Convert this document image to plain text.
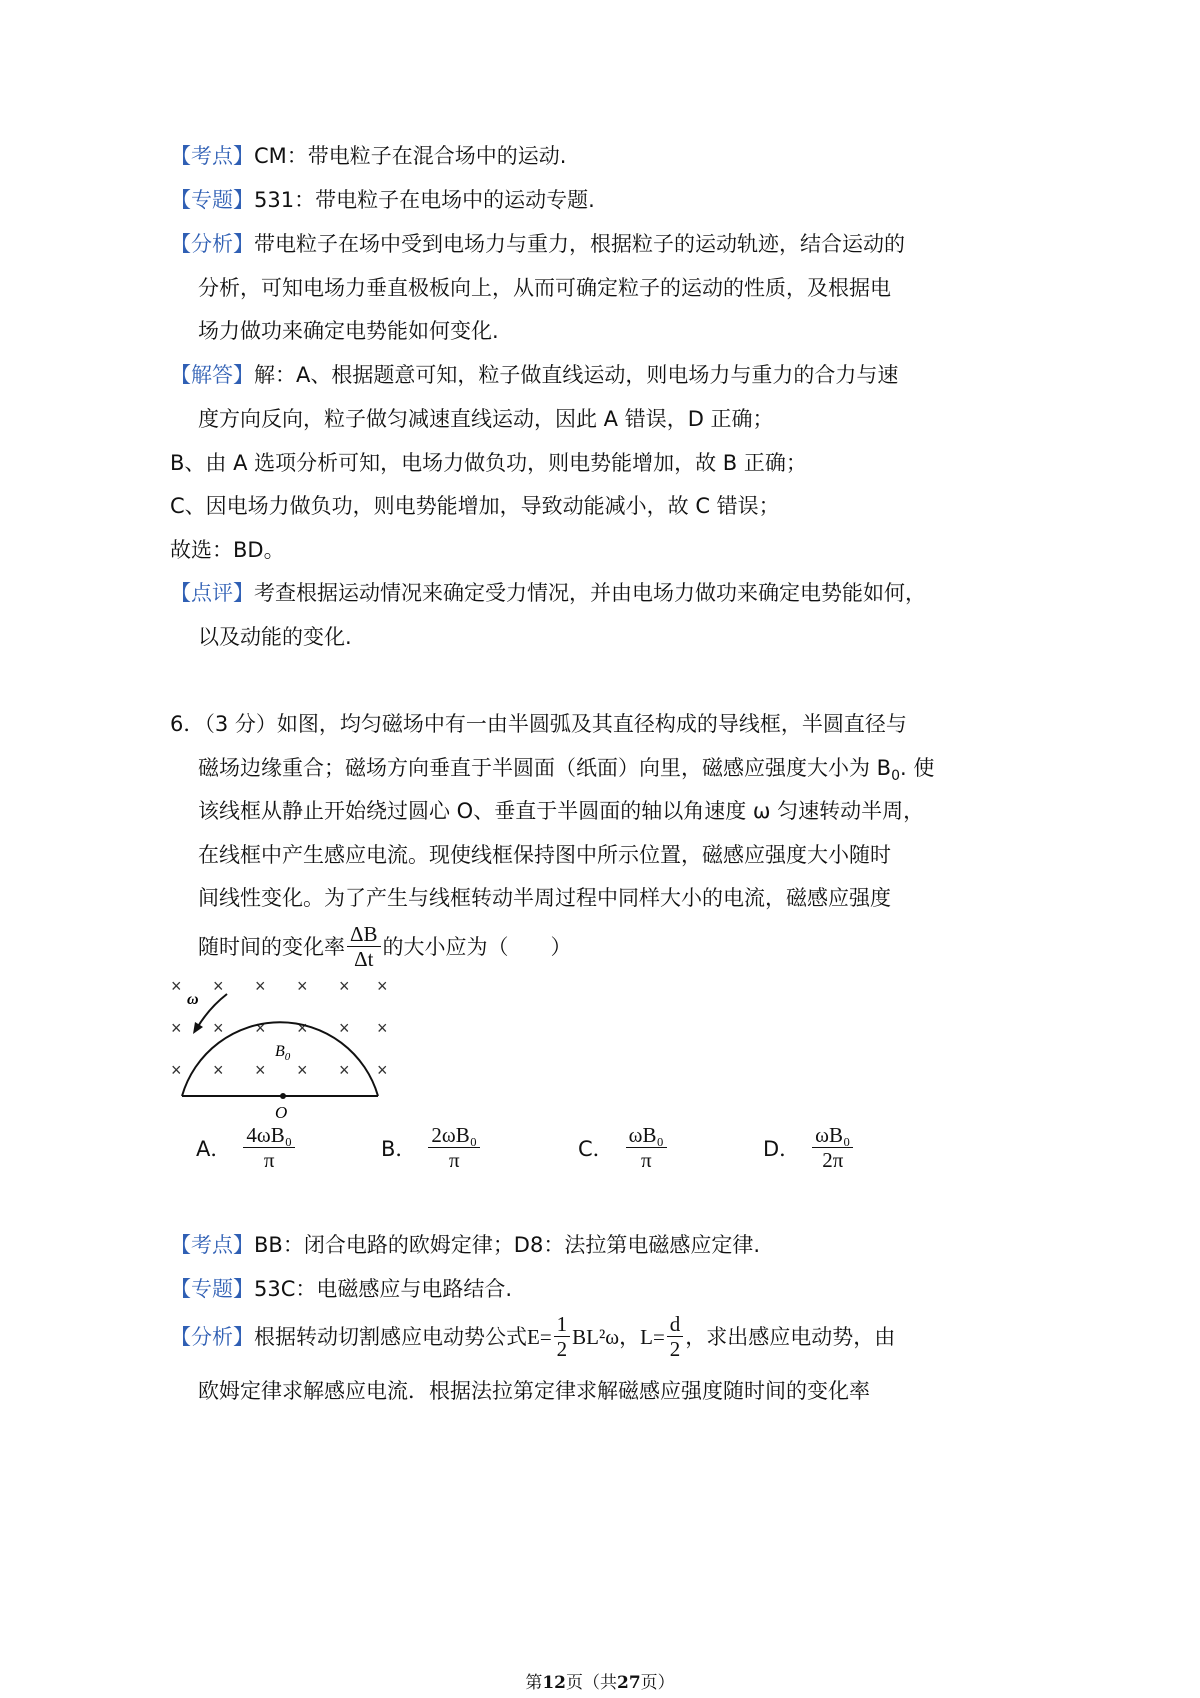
【考点】CM：带电粒子在混合场中的运动.
【专题】531：带电粒子在电场中的运动专题.
【分析】带电粒子在场中受到电场力与重力，根据粒子的运动轨迹，结合运动的
分析，可知电场力垂直极板向上，从而可确定粒子的运动的性质，及根据电
场力做功来确定电势能如何变化.
【解答】解：A、根据题意可知，粒子做直线运动，则电场力与重力的合力与速
度方向反向，粒子做匀减速直线运动，因此 A 错误，D 正确；
B、由 A 选项分析可知，电场力做负功，则电势能增加，故 B 正确；
C、因电场力做负功，则电势能增加，导致动能减小，故 C 错误；
故选：BD。
【点评】考查根据运动情况来确定受力情况，并由电场力做功来确定电势能如何，
以及动能的变化.
6．（3 分）如图，均匀磁场中有一由半圆弧及其直径构成的导线框，半圆直径与
磁场边缘重合；磁场方向垂直于半圆面（纸面）向里，磁感应强度大小为 $B_0$. 使
该线框从静止开始绕过圆心 O、垂直于半圆面的轴以角速度 ω 匀速转动半周，
在线框中产生感应电流。现使线框保持图中所示位置，磁感应强度大小随时
间线性变化。为了产生与线框转动半周过程中同样大小的电流，磁感应强度
随时间的变化率 $\frac{\Delta B}{\Delta t}$ 的大小应为（　　）
× × × × × ×
× × × × × ×
× ×
× ×	× ×
ω
$B_0$
O
A． $\frac{\text{4ωB₀}}{\pi}$	B． $\frac{\text{2ωB₀}}{\pi}$	C． $\frac{\text{ωB₀}}{\pi}$	D． $\frac{\text{ωB₀}}{2\pi}$
【考点】BB：闭合电路的欧姆定律；D8：法拉第电磁感应定律.
【专题】53C：电磁感应与电路结合.
【分析】 根据转动切割感应电动势公式 $E= \frac{1}{2} BL^2\omega$ ， $L= \frac{d}{2}$ ，求出感应电动势，由
欧姆定律求解感应电流．根据法拉第定律求解磁感应强度随时间的变化率
第12页（共27页）
